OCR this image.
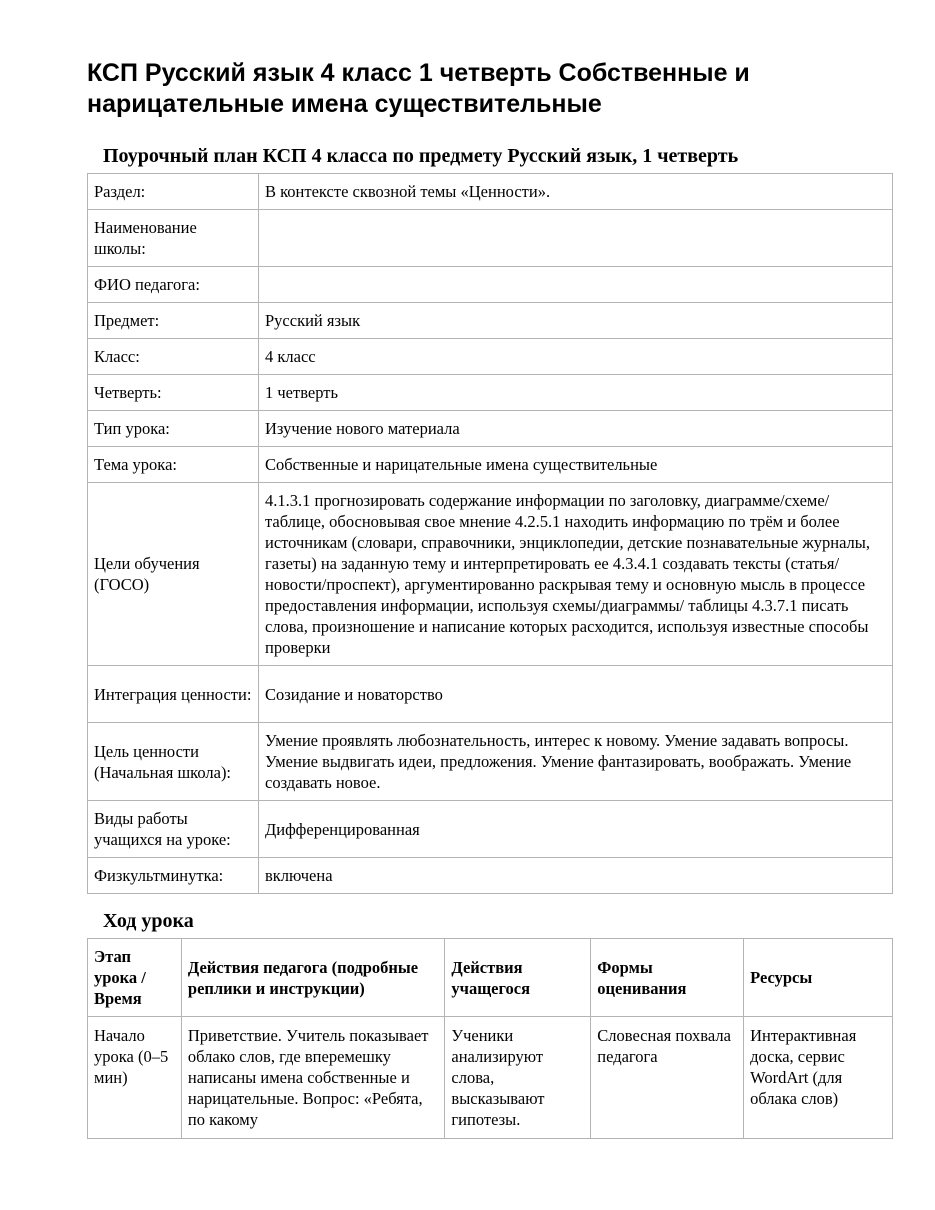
КСП Русский язык 4 класс 1 четверть Собственные и нарицательные имена существительные
Поурочный план КСП 4 класса по предмету Русский язык, 1 четверть
Раздел:	В контексте сквозной темы «Ценности».
Наименование школы:	
ФИО педагога:	
Предмет:	Русский язык
Класс:	4 класс
Четверть:	1 четверть
Тип урока:	Изучение нового материала
Тема урока:	Собственные и нарицательные имена существительные
Цели обучения (ГОСО)	4.1.3.1 прогнозировать содержание информации по заголовку, диаграмме/схеме/ таблице, обосновывая свое мнение 4.2.5.1 находить информацию по трём и более источникам (словари, справочники, энциклопедии, детские познавательные журналы, газеты) на заданную тему и интерпретировать ее 4.3.4.1 создавать тексты (статья/ новости/проспект), аргументированно раскрывая тему и основную мысль в процессе предоставления информации, используя схемы/диаграммы/ таблицы 4.3.7.1 писать слова, произношение и написание которых расходится, используя известные способы проверки
Интеграция ценности:	Созидание и новаторство
Цель ценности (Начальная школа):	Умение проявлять любознательность, интерес к новому. Умение задавать вопросы. Умение выдвигать идеи, предложения. Умение фантазировать, воображать. Умение создавать новое.
Виды работы учащихся на уроке:	Дифференцированная
Физкультминутка:	включена
Ход урока
Этап урока / Время	Действия педагога (подробные реплики и инструкции)	Действия учащегося	Формы оценивания	Ресурсы

Начало урока (0–5 мин)	Приветствие. Учитель показывает облако слов, где вперемешку написаны имена собственные и нарицательные. Вопрос: «Ребята, по какому	Ученики анализируют слова, высказывают гипотезы.	Словесная похвала педагога	Интерактивная доска, сервис WordArt (для облака слов)
